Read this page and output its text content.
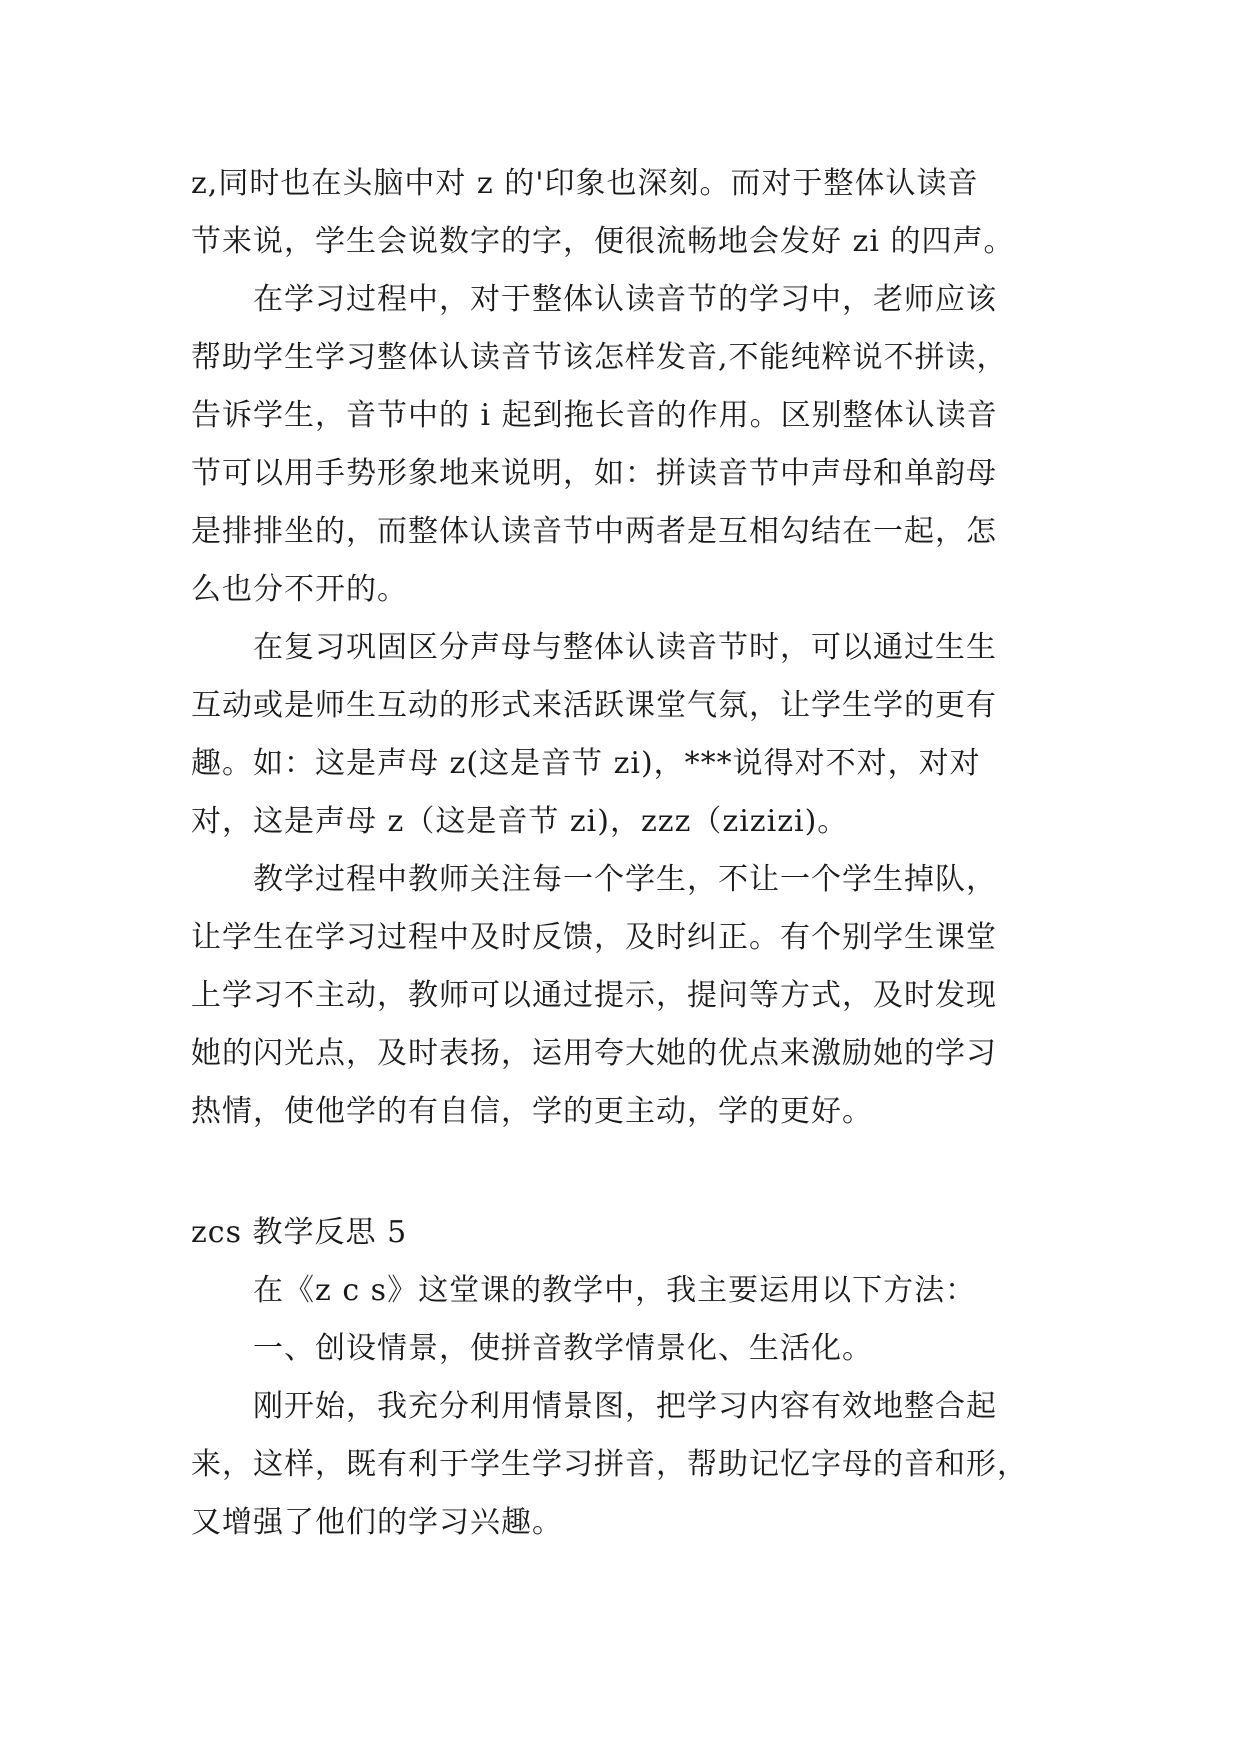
z,同时也在头脑中对 z 的'印象也深刻。而对于整体认读音
节来说，学生会说数字的字，便很流畅地会发好 zi 的四声。
在学习过程中，对于整体认读音节的学习中，老师应该
帮助学生学习整体认读音节该怎样发音,不能纯粹说不拼读，
告诉学生，音节中的 i 起到拖长音的作用。区别整体认读音
节可以用手势形象地来说明，如：拼读音节中声母和单韵母
是排排坐的，而整体认读音节中两者是互相勾结在一起，怎
么也分不开的。
在复习巩固区分声母与整体认读音节时，可以通过生生
互动或是师生互动的形式来活跃课堂气氛，让学生学的更有
趣。如：这是声母 z(这是音节 zi)，***说得对不对，对对
对，这是声母 z（这是音节 zi)，zzz（zizizi)。
教学过程中教师关注每一个学生，不让一个学生掉队，
让学生在学习过程中及时反馈，及时纠正。有个别学生课堂
上学习不主动，教师可以通过提示，提问等方式，及时发现
她的闪光点，及时表扬，运用夸大她的优点来激励她的学习
热情，使他学的有自信，学的更主动，学的更好。
zcs 教学反思 5
在《z c s》这堂课的教学中，我主要运用以下方法：
一、创设情景，使拼音教学情景化、生活化。
刚开始，我充分利用情景图，把学习内容有效地整合起
来，这样，既有利于学生学习拼音，帮助记忆字母的音和形，
又增强了他们的学习兴趣。
